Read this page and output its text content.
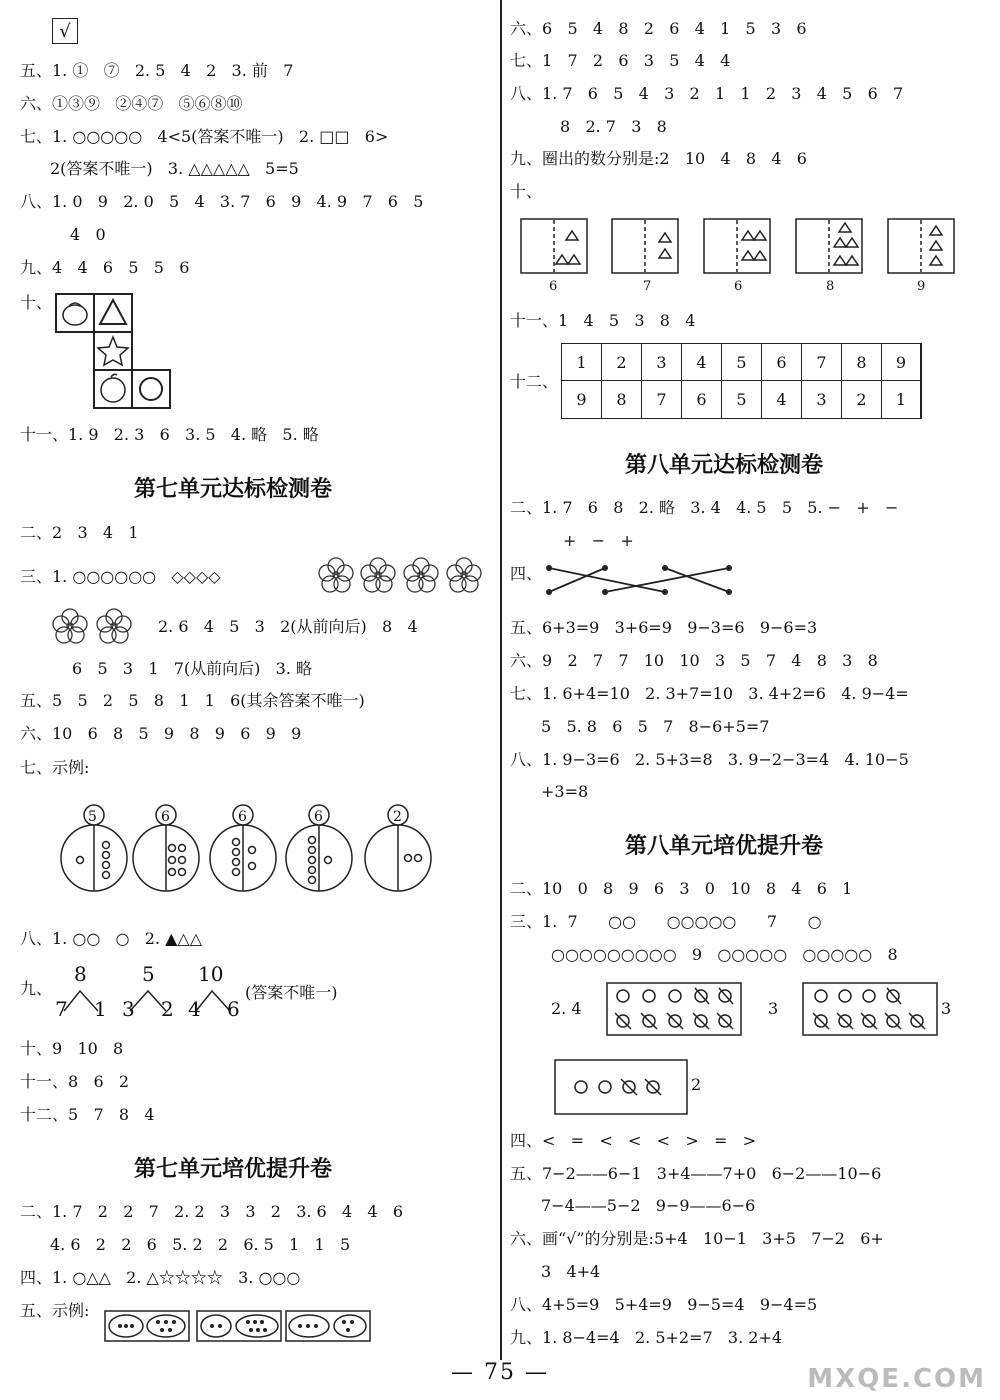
√
五、1. ①   ⑦   2. 5   4   2   3. 前   7
六、①③⑨   ②④⑦   ⑤⑥⑧⑩
七、1. ○○○○○   4<5(答案不唯一)   2. □□   6>
2(答案不唯一)   3. △△△△△   5=5
八、1. 0   9   2. 0   5   4   3. 7   6   9   4. 9   7   6   5
4   0
九、4   4   6   5   5   6
十、
十一、1. 9   2. 3   6   3. 5   4. 略   5. 略
第七单元达标检测卷
二、2   3   4   1
三、1. ○○○○○○   ◇◇◇◇
2. 6   4   5   3   2(从前向后)   8   4
6   5   3   1   7(从前向后)   3. 略
五、5   5   2   5   8   1   1   6(其余答案不唯一)
六、10   6   8   5   9   8   9   6   9   9
七、示例:
5	6	6	6	2
八、1. ○○   ○   2. ▲△△
九、
8
7 1
5
3 2
10
4 6
(答案不唯一)
十、9   10   8
十一、8   6   2
十二、5   7   8   4
第七单元培优提升卷
二、1. 7   2   2   7   2. 2   3   3   2   3. 6   4   4   6
4. 6   2   2   6   5. 2   2   6. 5   1   1   5
四、1. ○△△   2. △☆☆☆☆   3. ○○○
五、示例:
六、6   5   4   8   2   6   4   1   5   3   6
七、1   7   2   6   3   5   4   4
八、1. 7   6   5   4   3   2   1   1   2   3   4   5   6   7
8   2. 7   3   8
九、圈出的数分别是:2   10   4   8   4   6
十、
6	7	6	8	9
十一、1   4   5   3   8   4
十二、
1	2	3	4	5	6	7	8	9
9	8	7	6	5	4	3	2	1
第八单元达标检测卷
二、1. 7   6   8   2. 略   3. 4   4. 5   5   5. −   +   −
+   −   +
四、
五、6+3=9   3+6=9   9−3=6   9−6=3
六、9   2   7   7   10   10   3   5   7   4   8   3   8
七、1. 6+4=10   2. 3+7=10   3. 4+2=6   4. 9−4=
5   5. 8   6   5   7   8−6+5=7
八、1. 9−3=6   2. 5+3=8   3. 9−2−3=4   4. 10−5
+3=8
第八单元培优提升卷
二、10   0   8   9   6   3   0   10   8   4   6   1
三、1.  7      ○○      ○○○○○      7      ○
○○○○○○○○○   9   ○○○○○   ○○○○○   8
2. 4	3	3
2
四、<   =   <   <   <   >   =   >
五、7−2——6−1   3+4——7+0   6−2——10−6
7−4——5−2   9−9——6−6
六、画“√”的分别是:5+4   10−1   3+5   7−2   6+
3   4+4
八、4+5=9   5+4=9   9−5=4   9−4=5
九、1. 8−4=4   2. 5+2=7   3. 2+4
— 75 —	MXQE.COM
